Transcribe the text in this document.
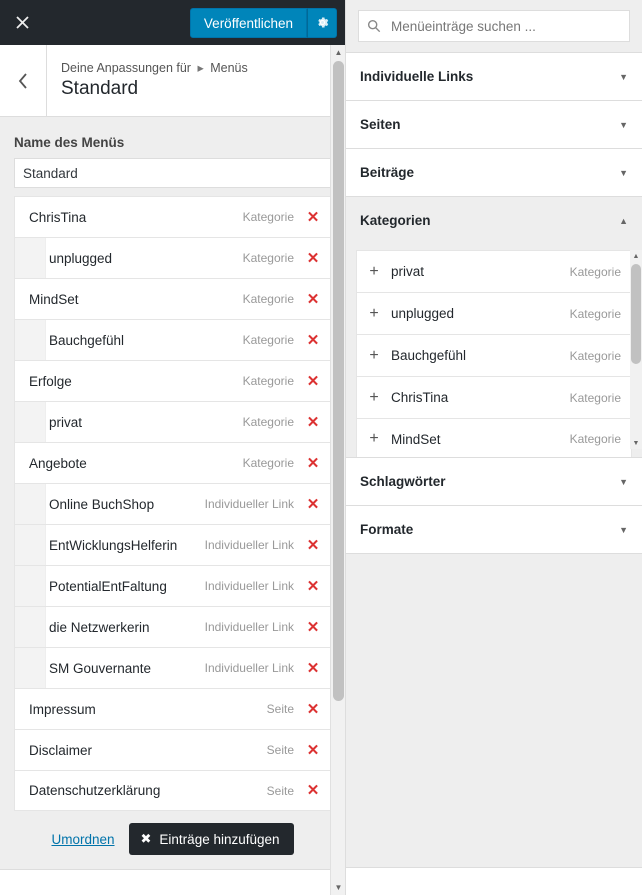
Veröffentlichen
Deine Anpassungen für ▸ Menüs
Standard
Name des Menüs
Standard
ChrisTina	Kategorie ✕
unplugged	Kategorie ✕
MindSet	Kategorie ✕
Bauchgefühl	Kategorie ✕
Erfolge	Kategorie ✕
privat	Kategorie ✕
Angebote	Kategorie ✕
Online BuchShop	Individueller Link ✕
EntWicklungsHelferin	Individueller Link ✕
PotentialEntFaltung	Individueller Link ✕
die Netzwerkerin	Individueller Link ✕
SM Gouvernante	Individueller Link ✕
Impressum	Seite ✕
Disclaimer	Seite ✕
Datenschutzerklärung	Seite ✕
Umordnen ✖ Einträge hinzufügen
▲
▼
Menüeinträge suchen ...
Individuelle Links	▼
Seiten	▼
Beiträge	▼
Kategorien	▲
+ privat	Kategorie
+ unplugged	Kategorie
+ Bauchgefühl	Kategorie
+ ChrisTina	Kategorie
+ MindSet	Kategorie
▲
▼
Schlagwörter	▼
Formate	▼
